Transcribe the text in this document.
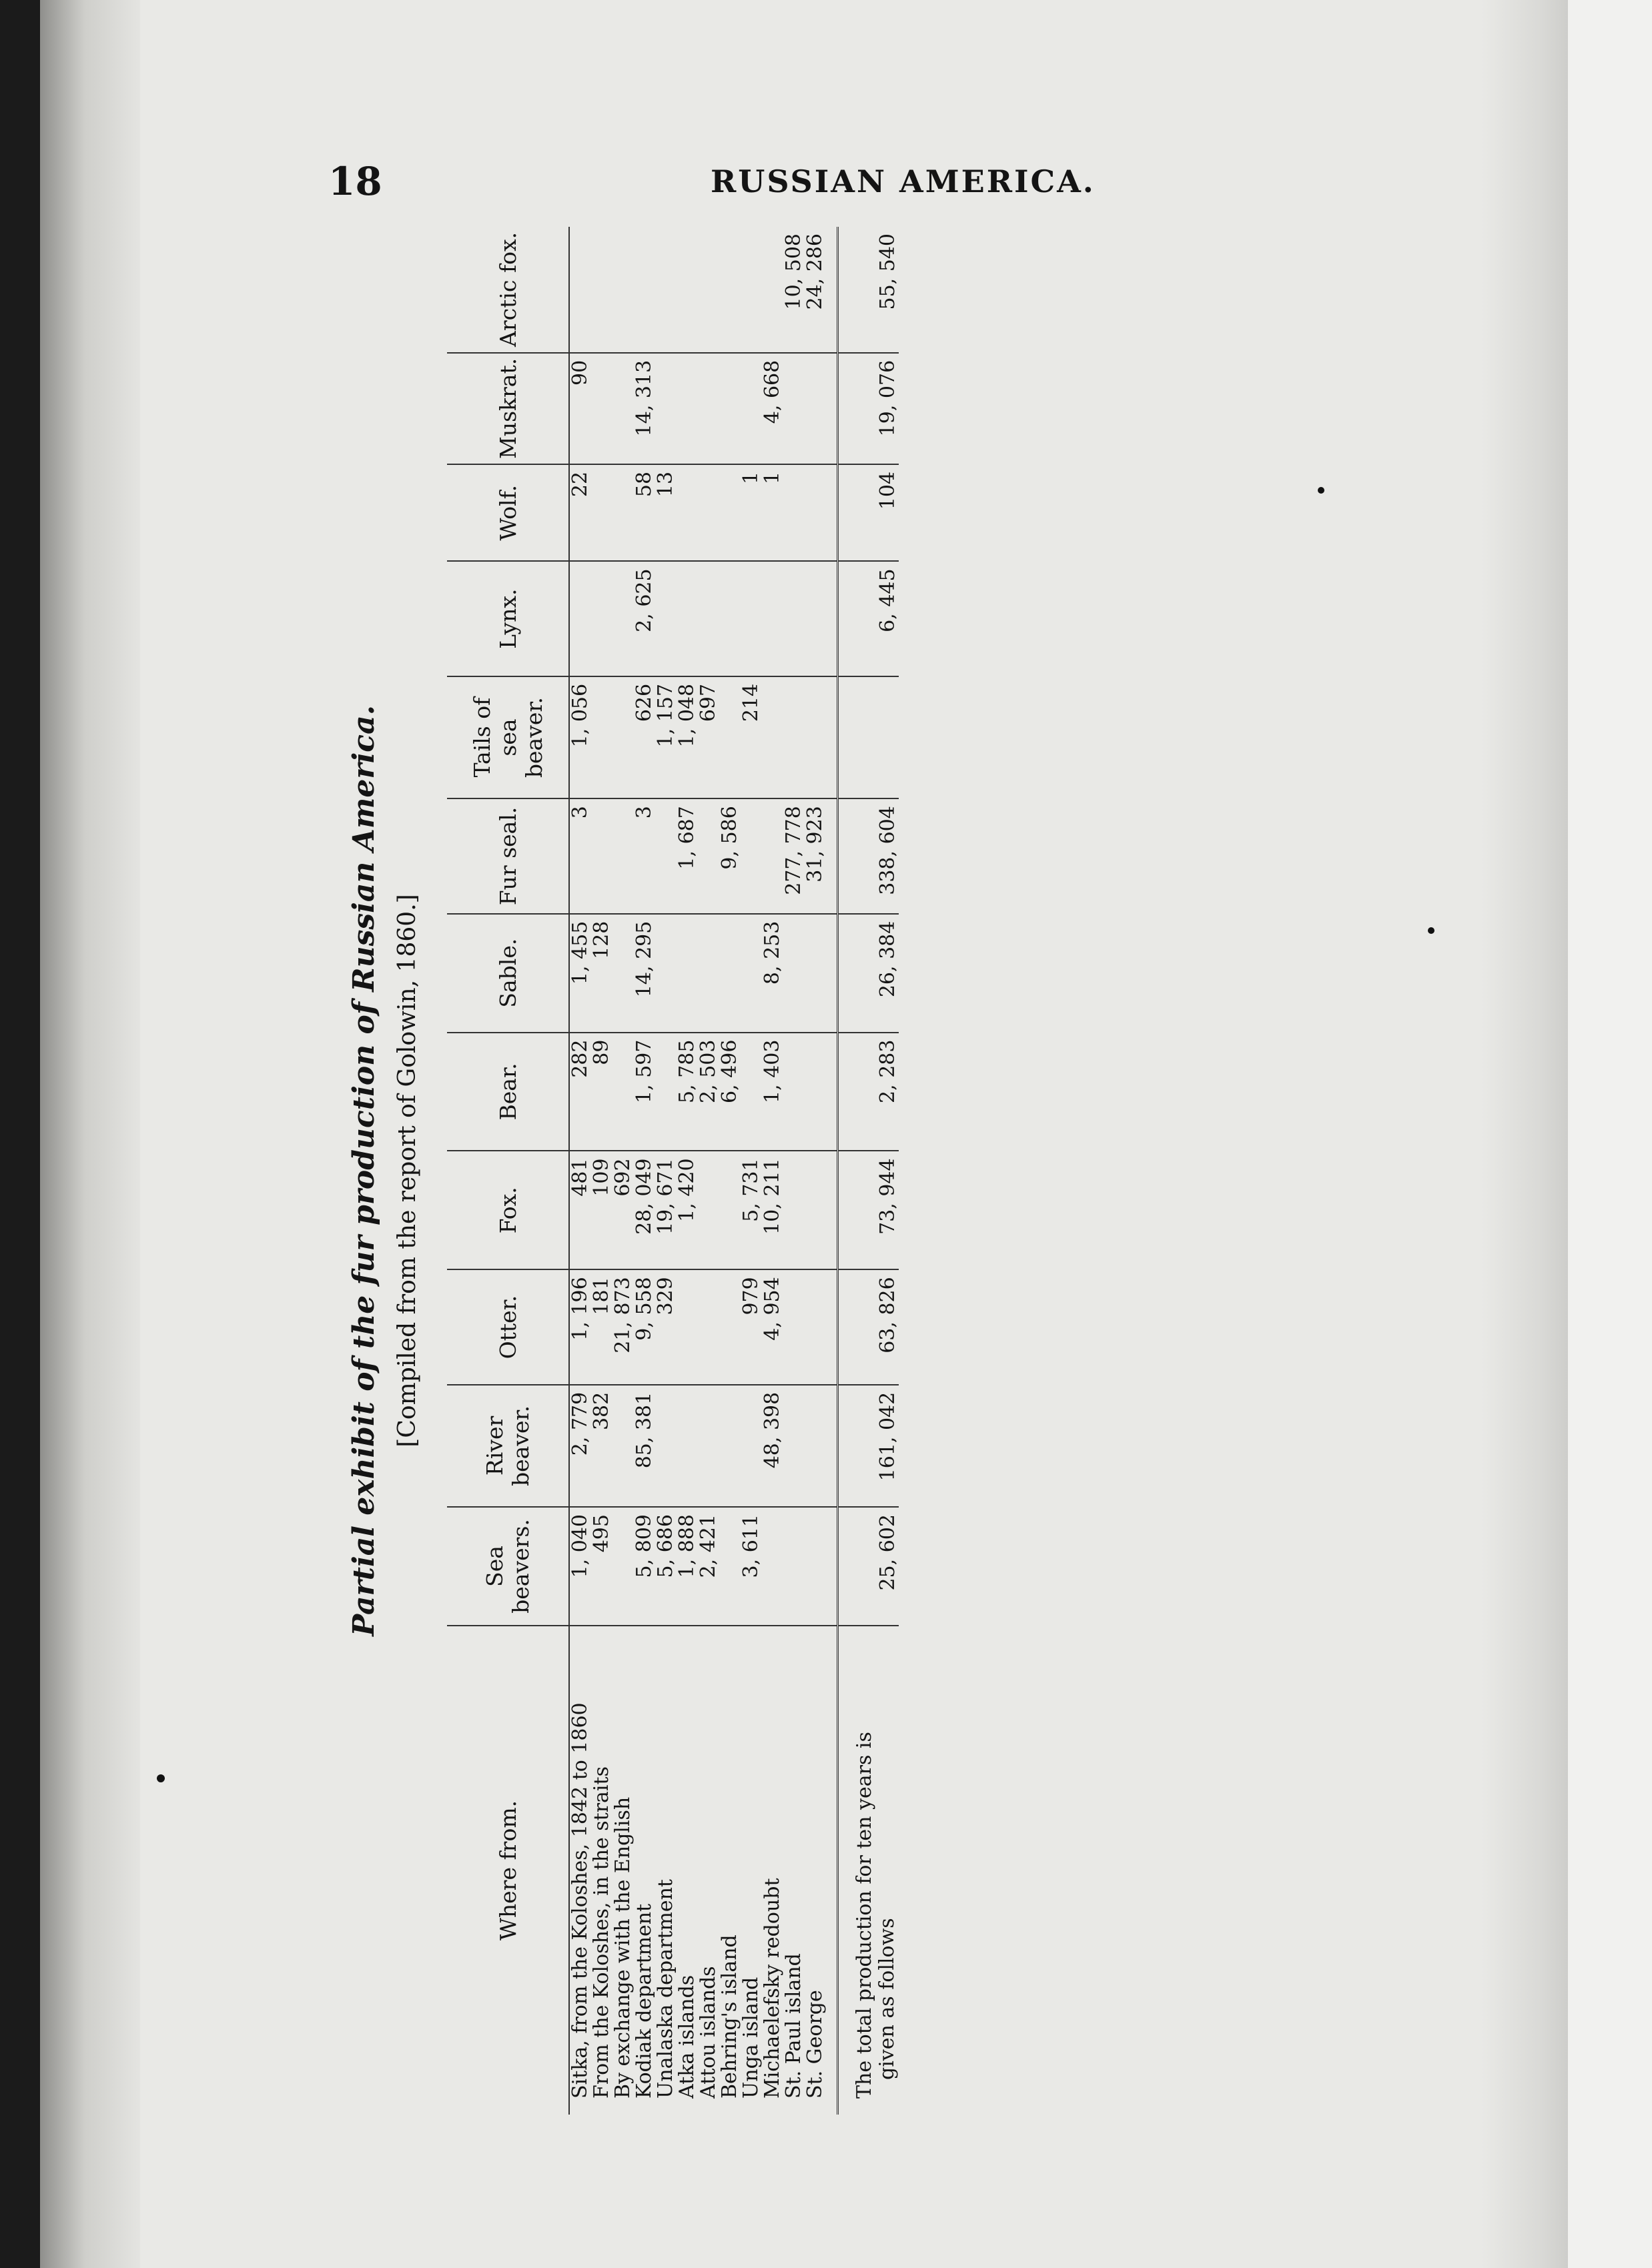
18	RUSSIAN AMERICA.
Partial exhibit of the fur production of Russian America. [Compiled from the report of Golowin, 1860.]
Where from.	Sea beavers.	River beaver.	Otter.	Fox.	Bear.	Sable.	Fur seal.	Tails of sea beaver.	Lynx.	Wolf.	Muskrat.	Arctic fox.
Sitka, from the Koloshes, 1842 to 1860	1, 040	2, 779	1, 196	481	282	1, 455	3	1, 056		22	90	
From the Koloshes, in the straits	495	382	181	109	89	128						
By exchange with the English			21, 873	692								
Kodiak department	5, 809	85, 381	9, 558	28, 049	1, 597	14, 295	3	626	2, 625	58	14, 313	
Unalaska department	5, 686		329	19, 671				1, 157		13		
Atka islands	1, 888			1, 420	5, 785		1, 687	1, 048				
Attou islands	2, 421				2, 503			697				
Behring's island					6, 496		9, 586					
Unga island	3, 611		979	5, 731				214		1		
Michaelefsky redoubt		48, 398	4, 954	10, 211	1, 403	8, 253				1	4, 668	
St. Paul island							277, 778					10, 508
St. George							31, 923					24, 286

The total production for ten years is given as follows	25, 602	161, 042	63, 826	73, 944	2, 283	26, 384	338, 604		6, 445	104	19, 076	55, 540
